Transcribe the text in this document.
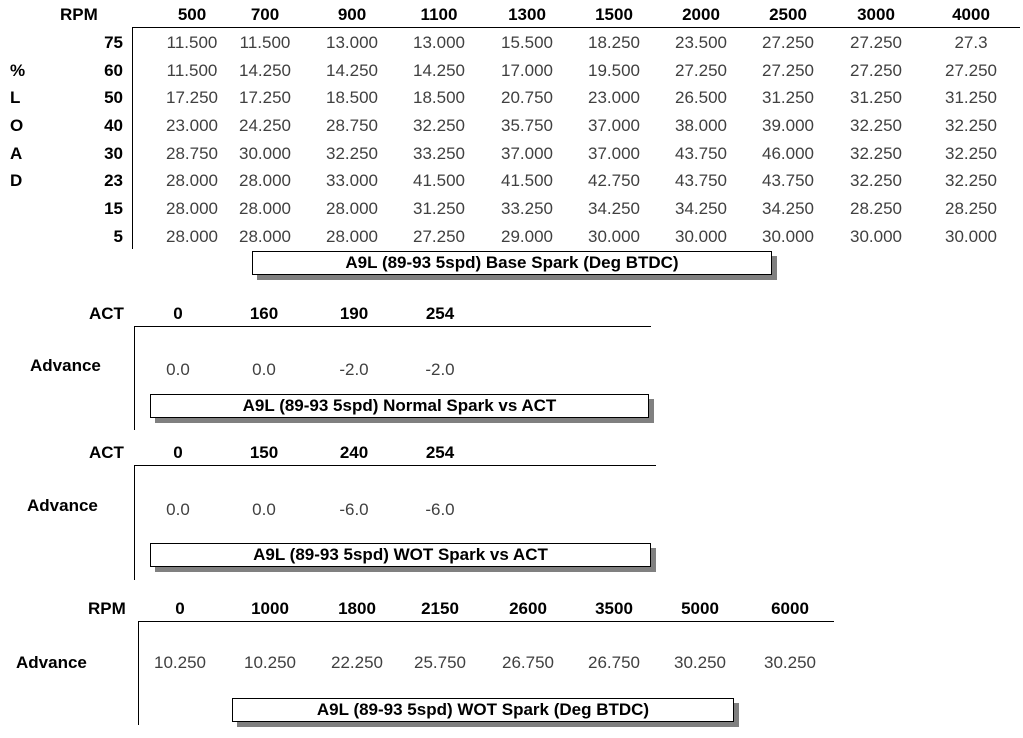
RPM	500	700	900	1100	1300	1500	2000	2500	3000	4000
75	11.500	11.500	13.000	13.000	15.500	18.250	23.500	27.250	27.250	27.3
60	11.500	14.250	14.250	14.250	17.000	19.500	27.250	27.250	27.250	27.250
50	17.250	17.250	18.500	18.500	20.750	23.000	26.500	31.250	31.250	31.250
40	23.000	24.250	28.750	32.250	35.750	37.000	38.000	39.000	32.250	32.250
30	28.750	30.000	32.250	33.250	37.000	37.000	43.750	46.000	32.250	32.250
23	28.000	28.000	33.000	41.500	41.500	42.750	43.750	43.750	32.250	32.250
15	28.000	28.000	28.000	31.250	33.250	34.250	34.250	34.250	28.250	28.250
5	28.000	28.000	28.000	27.250	29.000	30.000	30.000	30.000	30.000	30.000
%
L
O
A
D
A9L (89-93 5spd) Base Spark (Deg BTDC)
ACT	0	160	190	254
Advance	0.0	0.0	-2.0	-2.0
A9L (89-93 5spd) Normal Spark vs ACT
ACT	0	150	240	254
Advance	0.0	0.0	-6.0	-6.0
A9L (89-93 5spd) WOT Spark vs ACT
RPM	0	1000	1800	2150	2600	3500	5000	6000
Advance	10.250	10.250	22.250	25.750	26.750	26.750	30.250	30.250
A9L (89-93 5spd) WOT Spark (Deg BTDC)
